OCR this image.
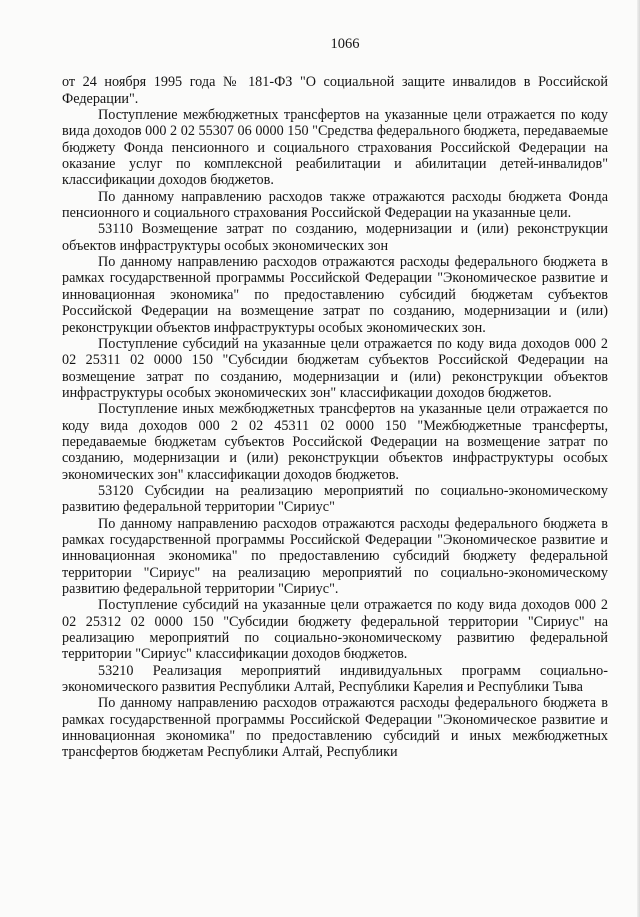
1066

от 24 ноября 1995 года № 181-ФЗ "О социальной защите инвалидов в Российской Федерации".

Поступление межбюджетных трансфертов на указанные цели отражается по коду вида доходов 000 2 02 55307 06 0000 150 "Средства федерального бюджета, передаваемые бюджету Фонда пенсионного и социального страхования Российской Федерации на оказание услуг по комплексной реабилитации и абилитации детей-инвалидов" классификации доходов бюджетов.

По данному направлению расходов также отражаются расходы бюджета Фонда пенсионного и социального страхования Российской Федерации на указанные цели.

53110 Возмещение затрат по созданию, модернизации и (или) реконструкции объектов инфраструктуры особых экономических зон

По данному направлению расходов отражаются расходы федерального бюджета в рамках государственной программы Российской Федерации "Экономическое развитие и инновационная экономика" по предоставлению субсидий бюджетам субъектов Российской Федерации на возмещение затрат по созданию, модернизации и (или) реконструкции объектов инфраструктуры особых экономических зон.

Поступление субсидий на указанные цели отражается по коду вида доходов 000 2 02 25311 02 0000 150 "Субсидии бюджетам субъектов Российской Федерации на возмещение затрат по созданию, модернизации и (или) реконструкции объектов инфраструктуры особых экономических зон" классификации доходов бюджетов.

Поступление иных межбюджетных трансфертов на указанные цели отражается по коду вида доходов 000 2 02 45311 02 0000 150 "Межбюджетные трансферты, передаваемые бюджетам субъектов Российской Федерации на возмещение затрат по созданию, модернизации и (или) реконструкции объектов инфраструктуры особых экономических зон" классификации доходов бюджетов.

53120 Субсидии на реализацию мероприятий по социально-экономическому развитию федеральной территории "Сириус"

По данному направлению расходов отражаются расходы федерального бюджета в рамках государственной программы Российской Федерации "Экономическое развитие и инновационная экономика" по предоставлению субсидий бюджету федеральной территории "Сириус" на реализацию мероприятий по социально-экономическому развитию федеральной территории "Сириус".

Поступление субсидий на указанные цели отражается по коду вида доходов 000 2 02 25312 02 0000 150 "Субсидии бюджету федеральной территории "Сириус" на реализацию мероприятий по социально-экономическому развитию федеральной территории "Сириус" классификации доходов бюджетов.

53210 Реализация мероприятий индивидуальных программ социально-экономического развития Республики Алтай, Республики Карелия и Республики Тыва

По данному направлению расходов отражаются расходы федерального бюджета в рамках государственной программы Российской Федерации "Экономическое развитие и инновационная экономика" по предоставлению субсидий и иных межбюджетных трансфертов бюджетам Республики Алтай, Республики
